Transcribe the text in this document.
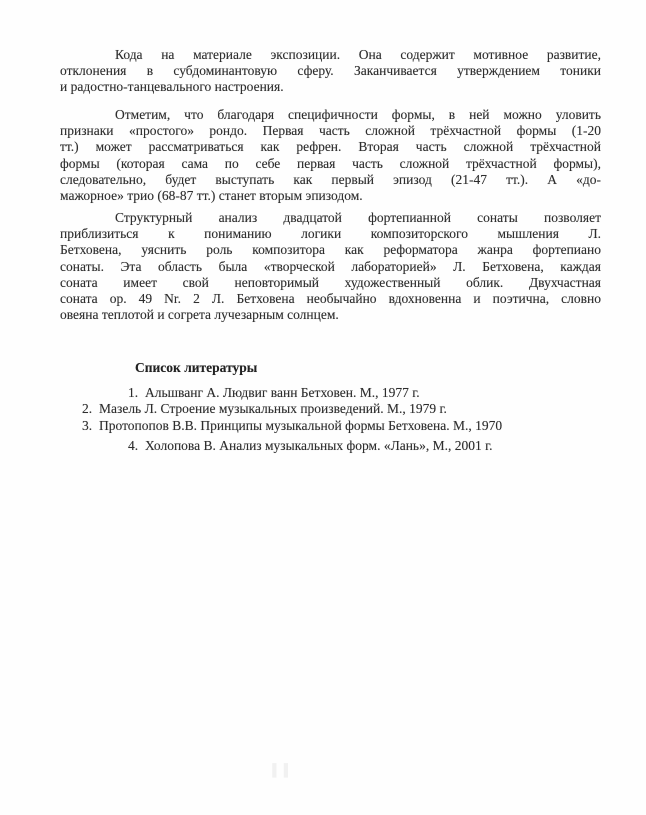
Кода на материале экспозиции. Она содержит мотивное развитие,
отклонения в субдоминантовую сферу. Заканчивается утверждением тоники
и радостно-танцевального настроения.
Отметим, что благодаря специфичности формы, в ней можно уловить
признаки «простого» рондо. Первая часть сложной трёхчастной формы (1-20
тт.) может рассматриваться как рефрен. Вторая часть сложной трёхчастной
формы (которая сама по себе первая часть сложной трёхчастной формы),
следовательно, будет выступать как первый эпизод (21-47 тт.). А «до-
мажорное» трио (68-87 тт.) станет вторым эпизодом.
Структурный анализ двадцатой фортепианной сонаты позволяет
приблизиться к пониманию логики композиторского мышления Л.
Бетховена, уяснить роль композитора как реформатора жанра фортепиано
сонаты. Эта область была «творческой лабораторией» Л. Бетховена, каждая
соната имеет свой неповторимый художественный облик. Двухчастная
соната ор. 49 Nr. 2 Л. Бетховена необычайно вдохновенна и поэтична, словно
овеяна теплотой и согрета лучезарным солнцем.
Список литературы
1. Альшванг А. Людвиг ванн Бетховен. М., 1977 г.
2. Мазель Л. Строение музыкальных произведений. М., 1979 г.
3. Протопопов В.В. Принципы музыкальной формы Бетховена. М., 1970
4. Холопова В. Анализ музыкальных форм. «Лань», М., 2001 г.
▐▐
